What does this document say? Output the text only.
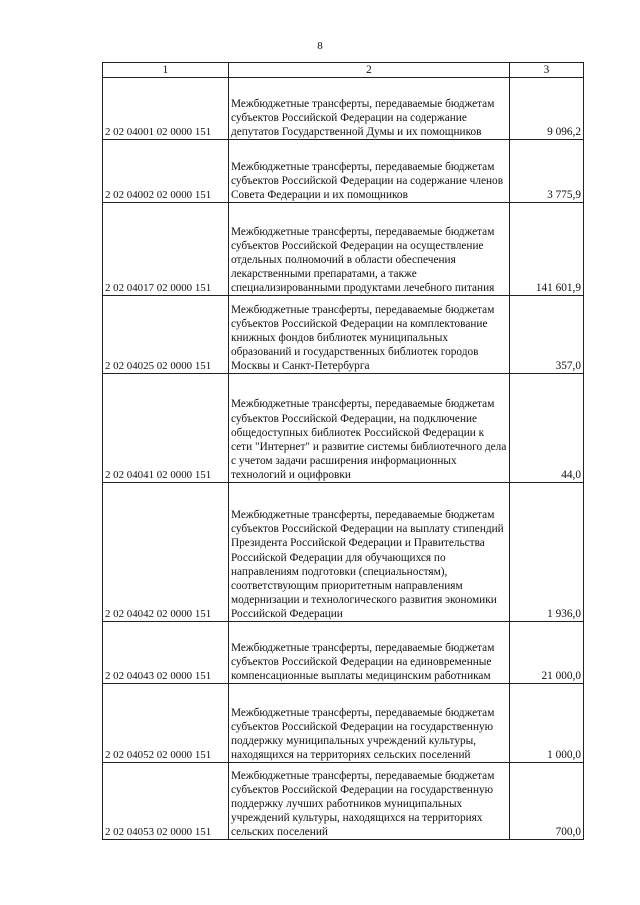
8
1	2	3
2 02 04001 02 0000 151	Межбюджетные трансферты, передаваемые бюджетам субъектов Российской Федерации на содержание депутатов Государственной Думы и их помощников	9 096,2
2 02 04002 02 0000 151	Межбюджетные трансферты, передаваемые бюджетам субъектов Российской Федерации на содержание членов Совета Федерации и их помощников	3 775,9
2 02 04017 02 0000 151	Межбюджетные трансферты, передаваемые бюджетам субъектов Российской Федерации на осуществление отдельных полномочий в области обеспечения лекарственными препаратами, а также специализированными продуктами лечебного питания	141 601,9
2 02 04025 02 0000 151	Межбюджетные трансферты, передаваемые бюджетам субъектов Российской Федерации на комплектование книжных фондов библиотек муниципальных образований и государственных библиотек городов Москвы и Санкт-Петербурга	357,0
2 02 04041 02 0000 151	Межбюджетные трансферты, передаваемые бюджетам субъектов Российской Федерации, на подключение общедоступных библиотек Российской Федерации к сети "Интернет" и развитие системы библиотечного дела с учетом задачи расширения информационных технологий и оцифровки	44,0
2 02 04042 02 0000 151	Межбюджетные трансферты, передаваемые бюджетам субъектов Российской Федерации на выплату стипендий Президента Российской Федерации и Правительства Российской Федерации для обучающихся по направлениям подготовки (специальностям), соответствующим приоритетным направлениям модернизации и технологического развития экономики Российской Федерации	1 936,0
2 02 04043 02 0000 151	Межбюджетные трансферты, передаваемые бюджетам субъектов Российской Федерации на единовременные компенсационные выплаты медицинским работникам	21 000,0
2 02 04052 02 0000 151	Межбюджетные трансферты, передаваемые бюджетам субъектов Российской Федерации на государственную поддержку муниципальных учреждений культуры, находящихся на территориях сельских поселений	1 000,0
2 02 04053 02 0000 151	Межбюджетные трансферты, передаваемые бюджетам субъектов Российской Федерации на государственную поддержку лучших работников муниципальных учреждений культуры, находящихся на территориях сельских поселений	700,0
